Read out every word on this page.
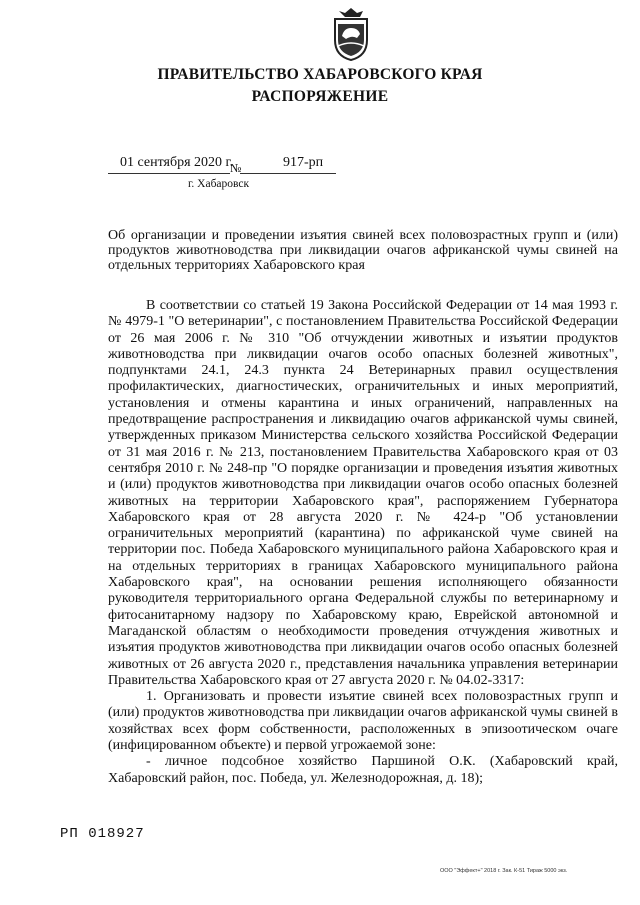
ПРАВИТЕЛЬСТВО ХАБАРОВСКОГО КРАЯ
РАСПОРЯЖЕНИЕ
01 сентября 2020 г.
№	917-рп
г. Хабаровск
Об организации и проведении изъятия свиней всех половозрастных групп и (или) продуктов животноводства при ликвидации очагов африканской чумы свиней на отдельных территориях Хабаровского края

В соответствии со статьей 19 Закона Российской Федерации от 14 мая 1993 г. № 4979-1 "О ветеринарии", с постановлением Правительства Российской Федерации от 26 мая 2006 г. № 310 "Об отчуждении животных и изъятии продуктов животноводства при ликвидации очагов особо опасных болезней животных", подпунктами 24.1, 24.3 пункта 24 Ветеринарных правил осуществления профилактических, диагностических, ограничительных и иных мероприятий, установления и отмены карантина и иных ограничений, направленных на предотвращение распространения и ликвидацию очагов африканской чумы свиней, утвержденных приказом Министерства сельского хозяйства Российской Федерации от 31 мая 2016 г. № 213, постановлением Правительства Хабаровского края от 03 сентября 2010 г. № 248-пр "О порядке организации и проведения изъятия животных и (или) продуктов животноводства при ликвидации очагов особо опасных болезней животных на территории Хабаровского края", распоряжением Губернатора Хабаровского края от 28 августа 2020 г. № 424-р "Об установлении ограничительных мероприятий (карантина) по африканской чуме свиней на территории пос. Победа Хабаровского муниципального района Хабаровского края и на отдельных территориях в границах Хабаровского муниципального района Хабаровского края", на основании решения исполняющего обязанности руководителя территориального органа Федеральной службы по ветеринарному и фитосанитарному надзору по Хабаровскому краю, Еврейской автономной и Магаданской областям о необходимости проведения отчуждения животных и изъятия продуктов животноводства при ликвидации очагов особо опасных болезней животных от 26 августа 2020 г., представления начальника управления ветеринарии Правительства Хабаровского края от 27 августа 2020 г. № 04.02-3317:

1. Организовать и провести изъятие свиней всех половозрастных групп и (или) продуктов животноводства при ликвидации очагов африканской чумы свиней в хозяйствах всех форм собственности, расположенных в эпизоотическом очаге (инфицированном объекте) и первой угрожаемой зоне:

- личное подсобное хозяйство Паршиной О.К. (Хабаровский край, Хабаровский район, пос. Победа, ул. Железнодорожная, д. 18);

РП 018927
ООО "Эффект+" 2018 г. Зак. К-51 Тираж 5000 экз.
